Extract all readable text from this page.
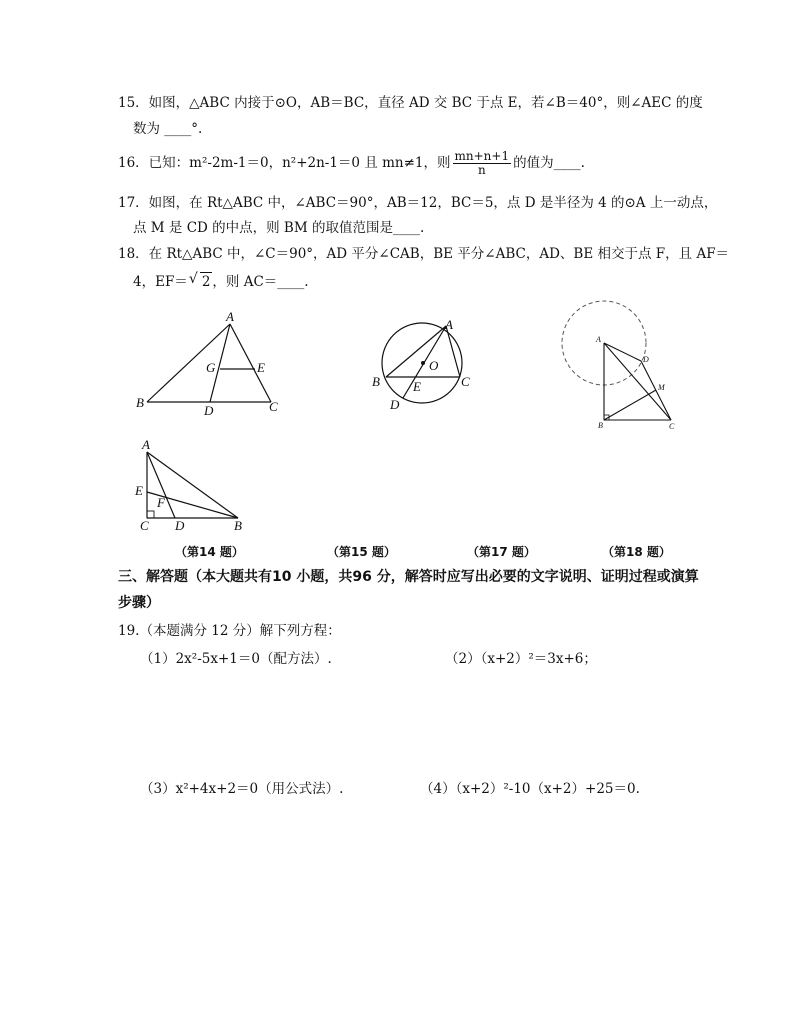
15．如图，△ABC 内接于⊙O，AB＝BC，直径 AD 交 BC 于点 E，若∠B＝40°，则∠AEC 的度
数为 ____°.
16．已知：m²-2m-1＝0，n²+2n-1＝0 且 mn≠1，则 $\frac{mn+n+1}{n}$ 的值为____.
17．如图，在 Rt△ABC 中，∠ABC＝90°，AB＝12，BC＝5，点 D 是半径为 4 的⊙A 上一动点，
点 M 是 CD 的中点，则 BM 的取值范围是____.
18．在 Rt△ABC 中，∠C＝90°，AD 平分∠CAB，BE 平分∠ABC，AD、BE 相交于点 F，且 AF＝
4，EF＝√ 2 ，则 AC＝____.
A
G	E
B
D	C
A
O
B	E	C
D
A
D
M
B	C
A
E
F
C D	B
（第14 题）	（第15 题）	（第17 题）	（第18 题）
三、解答题（本大题共有10 小题，共96 分，解答时应写出必要的文字说明、证明过程或演算
步骤）
19.（本题满分 12 分）解下列方程：
（1）2x²-5x+1＝0（配方法）.	（2）（x+2）²＝3x+6；
（3）x²+4x+2＝0（用公式法）.	（4）（x+2）²-10（x+2）+25＝0.
